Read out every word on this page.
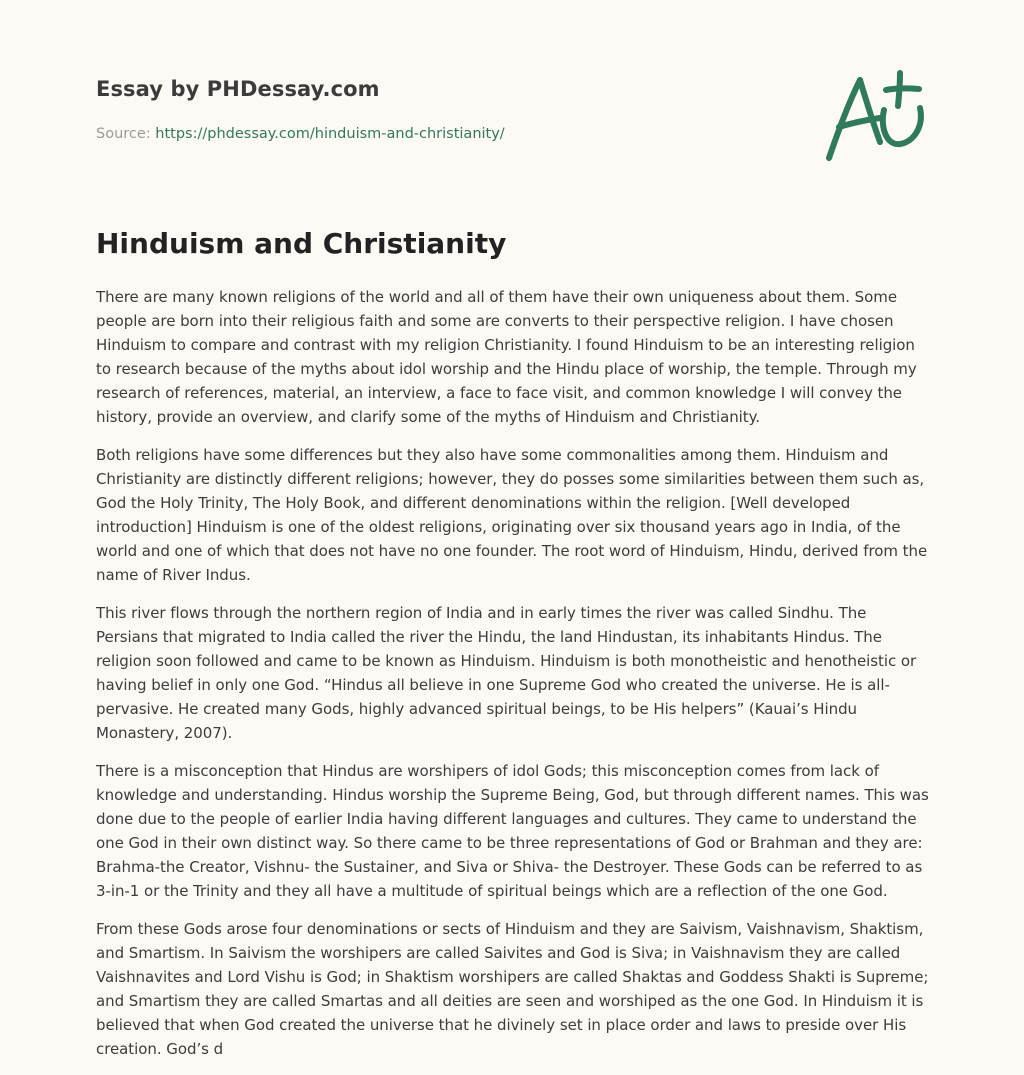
Essay by PHDessay.com
Source: https://phdessay.com/hinduism-and-christianity/
Hinduism and Christianity

There are many known religions of the world and all of them have their own uniqueness about them. Some people are born into their religious faith and some are converts to their perspective religion. I have chosen Hinduism to compare and contrast with my religion Christianity. I found Hinduism to be an interesting religion to research because of the myths about idol worship and the Hindu place of worship, the temple. Through my research of references, material, an interview, a face to face visit, and common knowledge I will convey the history, provide an overview, and clarify some of the myths of Hinduism and Christianity.

Both religions have some differences but they also have some commonalities among them. Hinduism and Christianity are distinctly different religions; however, they do posses some similarities between them such as, God the Holy Trinity, The Holy Book, and different denominations within the religion. [Well developed introduction] Hinduism is one of the oldest religions, originating over six thousand years ago in India, of the world and one of which that does not have no one founder. The root word of Hinduism, Hindu, derived from the name of River Indus.

This river flows through the northern region of India and in early times the river was called Sindhu. The Persians that migrated to India called the river the Hindu, the land Hindustan, its inhabitants Hindus. The religion soon followed and came to be known as Hinduism. Hinduism is both monotheistic and henotheistic or having belief in only one God. “Hindus all believe in one Supreme God who created the universe. He is all-pervasive. He created many Gods, highly advanced spiritual beings, to be His helpers” (Kauai’s Hindu Monastery, 2007).

There is a misconception that Hindus are worshipers of idol Gods; this misconception comes from lack of knowledge and understanding. Hindus worship the Supreme Being, God, but through different names. This was done due to the people of earlier India having different languages and cultures. They came to understand the one God in their own distinct way. So there came to be three representations of God or Brahman and they are: Brahma-the Creator, Vishnu- the Sustainer, and Siva or Shiva- the Destroyer. These Gods can be referred to as 3-in-1 or the Trinity and they all have a multitude of spiritual beings which are a reflection of the one God.

From these Gods arose four denominations or sects of Hinduism and they are Saivism, Vaishnavism, Shaktism, and Smartism. In Saivism the worshipers are called Saivites and God is Siva; in Vaishnavism they are called Vaishnavites and Lord Vishu is God; in Shaktism worshipers are called Shaktas and Goddess Shakti is Supreme; and Smartism they are called Smartas and all deities are seen and worshiped as the one God. In Hinduism it is believed that when God created the universe that he divinely set in place order and laws to preside over His creation. God’s d
